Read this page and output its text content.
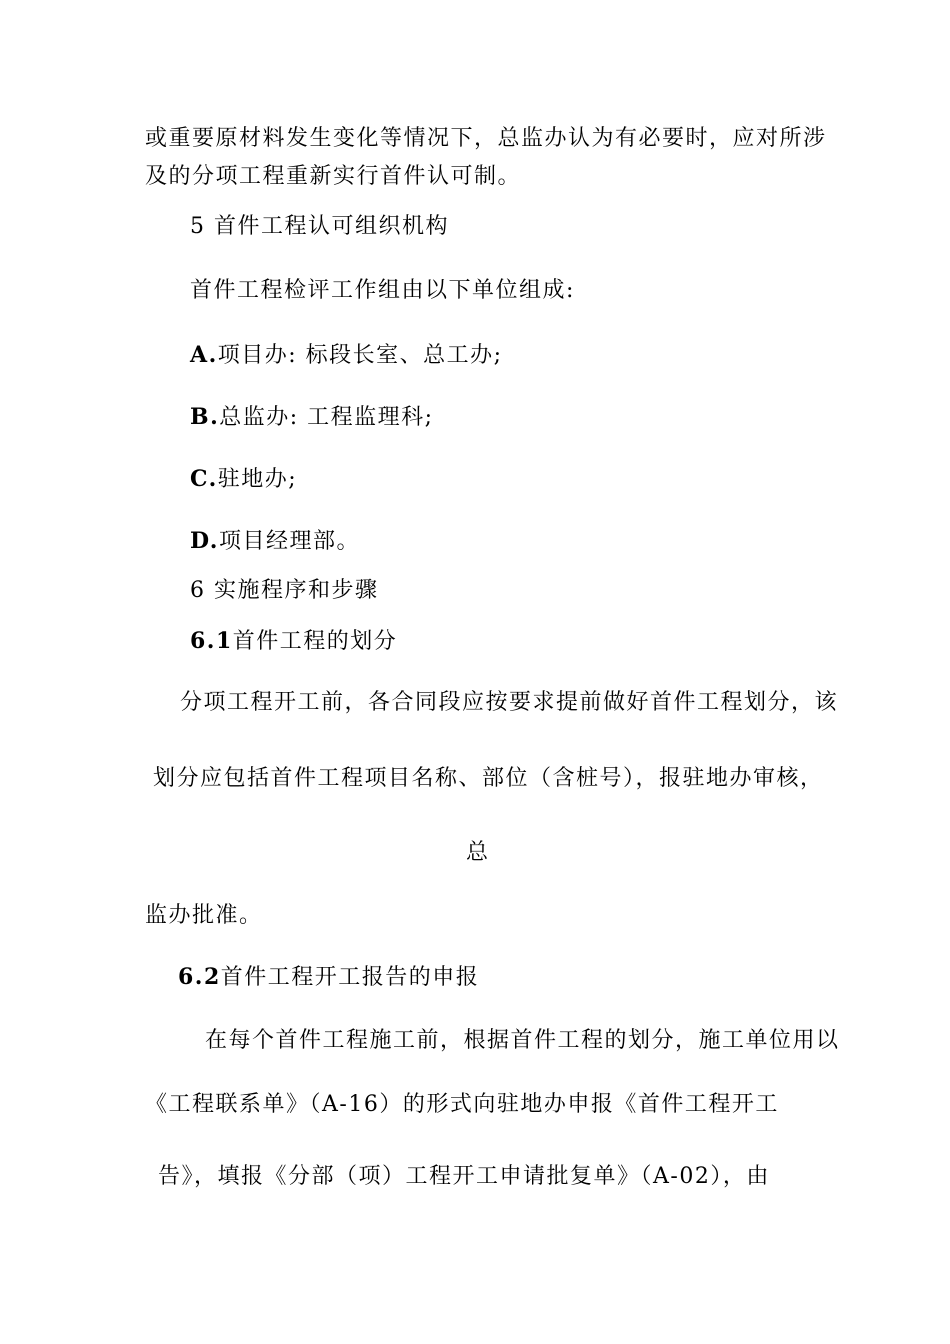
或重要原材料发生变化等情况下，总监办认为有必要时，应对所涉
及的分项工程重新实行首件认可制。
5 首件工程认可组织机构
首件工程检评工作组由以下单位组成:
A.项目办: 标段长室、总工办;
B.总监办: 工程监理科;
C.驻地办;
D.项目经理部。
6 实施程序和步骤
6.1首件工程的划分
分项工程开工前，各合同段应按要求提前做好首件工程划分，该
划分应包括首件工程项目名称、部位（含桩号），报驻地办审核，
总
监办批准。
6.2首件工程开工报告的申报
在每个首件工程施工前，根据首件工程的划分，施工单位用以
《工程联系单》（A-16）的形式向驻地办申报《首件工程开工
告》，填报《分部（项）工程开工申请批复单》（A-02），由
